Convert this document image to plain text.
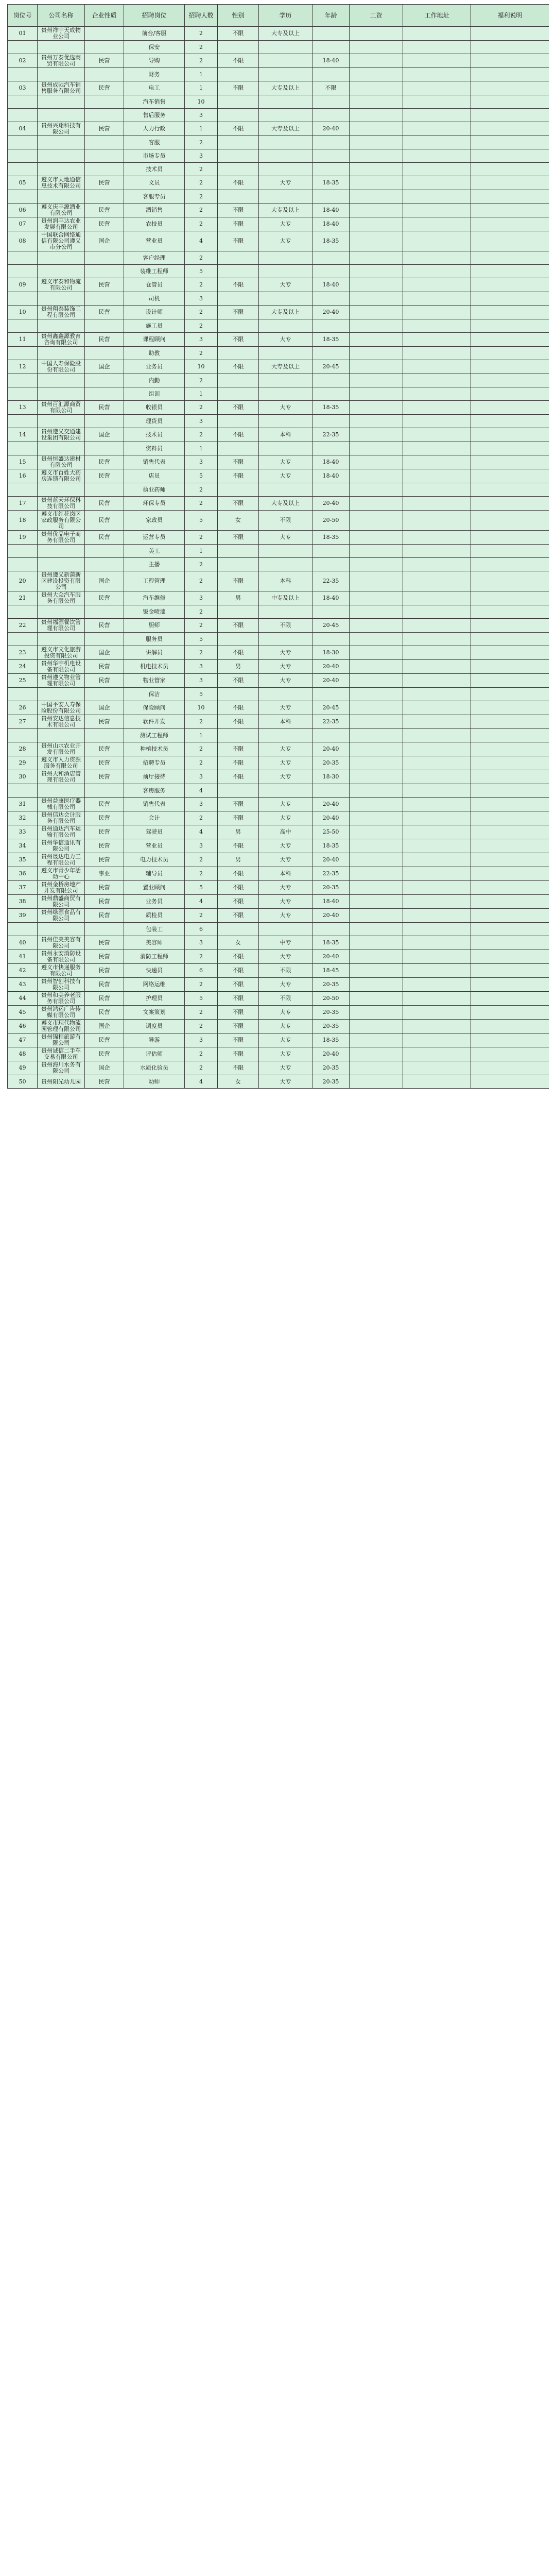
岗位号	公司名称	企业性质	招聘岗位	招聘人数	性别	学历	年龄	工资	工作地址	福利说明
01	贵州祥宇天成物业公司		前台/客服	2	不限	大专及以上				
			保安	2						
02	贵州万泰优选商贸有限公司	民营	导购	2	不限		18-40			
			财务	1						
03	贵州成驰汽车销售服务有限公司	民营	电工	1	不限	大专及以上	不限			
			汽车销售	10						
			售后服务	3						
04	贵州兴翔科技有限公司	民营	人力行政	1	不限	大专及以上	20-40			
			客服	2						
			市场专员	3						
			技术员	2						
05	遵义市天地通信息技术有限公司	民营	文员	2	不限	大专	18-35			
			客服专员	2						
06	遵义庆丰源酒业有限公司	民营	酒销售	2	不限	大专及以上	18-40			
07	贵州润丰达农业发展有限公司	民营	农技员	2	不限	大专	18-40			
08	中国联合网络通信有限公司遵义市分公司	国企	营业员	4	不限	大专	18-35			
			客户经理	2						
			装维工程师	5						
09	遵义市泰和物流有限公司	民营	仓管员	2	不限	大专	18-40			
			司机	3						
10	贵州翔泰装饰工程有限公司	民营	设计师	2	不限	大专及以上	20-40			
			施工员	2						
11	贵州鑫鑫源教育咨询有限公司	民营	课程顾问	3	不限	大专	18-35			
			助教	2						
12	中国人寿保险股份有限公司	国企	业务员	10	不限	大专及以上	20-45			
			内勤	2						
			组训	1						
13	贵州百汇源商贸有限公司	民营	收银员	2	不限	大专	18-35			
			理货员	3						
14	贵州遵义交通建设集团有限公司	国企	技术员	2	不限	本科	22-35			
			资料员	1						
15	贵州恒盛达建材有限公司	民营	销售代表	3	不限	大专	18-40			
16	遵义市百姓大药房连锁有限公司	民营	店员	5	不限	大专	18-40			
			执业药师	2						
17	贵州蓝天环保科技有限公司	民营	环保专员	2	不限	大专及以上	20-40			
18	遵义市红花岗区家政服务有限公司	民营	家政员	5	女	不限	20-50			
19	贵州优品电子商务有限公司	民营	运营专员	2	不限	大专	18-35			
			美工	1						
			主播	2						
20	贵州遵义新蒲新区建设投资有限公司	国企	工程管理	2	不限	本科	22-35			
21	贵州大众汽车服务有限公司	民营	汽车维修	3	男	中专及以上	18-40			
			钣金喷漆	2						
22	贵州福源餐饮管理有限公司	民营	厨师	2	不限	不限	20-45			
			服务员	5						
23	遵义市文化旅游投资有限公司	国企	讲解员	2	不限	大专	18-30			
24	贵州华宇机电设备有限公司	民营	机电技术员	3	男	大专	20-40			
25	贵州遵义物业管理有限公司	民营	物业管家	3	不限	大专	20-40			
			保洁	5						
26	中国平安人寿保险股份有限公司	国企	保险顾问	10	不限	大专	20-45			
27	贵州安达信息技术有限公司	民营	软件开发	2	不限	本科	22-35			
			测试工程师	1						
28	贵州山水农业开发有限公司	民营	种植技术员	2	不限	大专	20-40			
29	遵义市人力资源服务有限公司	民营	招聘专员	2	不限	大专	20-35			
30	贵州天和酒店管理有限公司	民营	前厅接待	3	不限	大专	18-30			
			客房服务	4						
31	贵州益康医疗器械有限公司	民营	销售代表	3	不限	大专	20-40			
32	贵州信达会计服务有限公司	民营	会计	2	不限	大专	20-40			
33	贵州通达汽车运输有限公司	民营	驾驶员	4	男	高中	25-50			
34	贵州华信通讯有限公司	民营	营业员	3	不限	大专	18-35			
35	贵州晟达电力工程有限公司	民营	电力技术员	2	男	大专	20-40			
36	遵义市青少年活动中心	事业	辅导员	2	不限	本科	22-35			
37	贵州金桥房地产开发有限公司	民营	置业顾问	5	不限	大专	20-35			
38	贵州鼎盛商贸有限公司	民营	业务员	4	不限	大专	18-40			
39	贵州绿源食品有限公司	民营	质检员	2	不限	大专	20-40			
			包装工	6						
40	贵州佳美美容有限公司	民营	美容师	3	女	中专	18-35			
41	贵州永安消防设备有限公司	民营	消防工程师	2	不限	大专	20-40			
42	遵义市快递服务有限公司	民营	快递员	6	不限	不限	18-45			
43	贵州智创科技有限公司	民营	网络运维	2	不限	大专	20-35			
44	贵州和美养老服务有限公司	民营	护理员	5	不限	不限	20-50			
45	贵州鸿运广告传媒有限公司	民营	文案策划	2	不限	大专	20-35			
46	遵义市现代物流园管理有限公司	国企	调度员	2	不限	大专	20-35			
47	贵州锦程旅游有限公司	民营	导游	3	不限	大专	18-35			
48	贵州诚信二手车交易有限公司	民营	评估师	2	不限	大专	20-40			
49	贵州海川水务有限公司	国企	水质化验员	2	不限	大专	20-35			
50	贵州阳光幼儿园	民营	幼师	4	女	大专	20-35			
